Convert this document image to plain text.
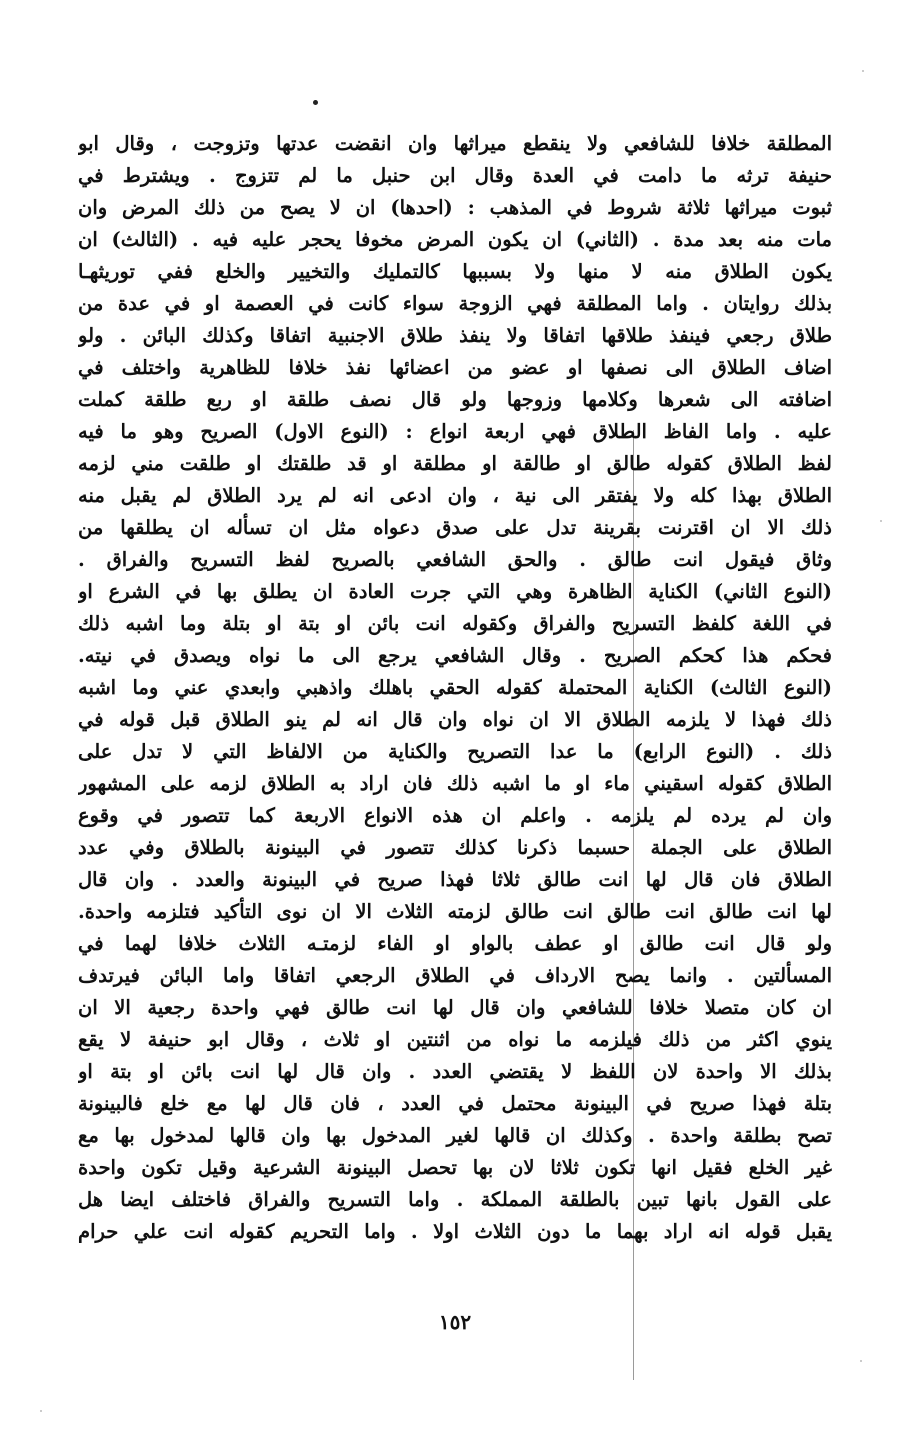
المطلقة خلافا للشافعي ولا ينقطع ميراثها وان انقضت عدتها وتزوجت ، وقال ابو
حنيفة ترثه ما دامت في العدة وقال ابن حنبل ما لم تتزوج . ويشترط في
ثبوت ميراثها ثلاثة شروط في المذهب : (احدها) ان لا يصح من ذلك المرض وان
مات منه بعد مدة . (الثاني) ان يكون المرض مخوفا يحجر عليه فيه . (الثالث) ان
يكون الطلاق منه لا منها ولا بسببها كالتمليك والتخيير والخلع ففي توريثهـا
بذلك روايتان . واما المطلقة فهي الزوجة سواء كانت في العصمة او في عدة من
طلاق رجعي فينفذ طلاقها اتفاقا ولا ينفذ طلاق الاجنبية اتفاقا وكذلك البائن . ولو
اضاف الطلاق الى نصفها او عضو من اعضائها نفذ خلافا للظاهرية واختلف في
اضافته الى شعرها وكلامها وزوجها ولو قال نصف طلقة او ربع طلقة كملت
عليه . واما الفاظ الطلاق فهي اربعة انواع : (النوع الاول) الصريح وهو ما فيه
لفظ الطلاق كقوله طالق او طالقة او مطلقة او قد طلقتك او طلقت مني لزمه
الطلاق بهذا كله ولا يفتقر الى نية ، وان ادعى انه لم يرد الطلاق لم يقبل منه
ذلك الا ان اقترنت بقرينة تدل على صدق دعواه مثل ان تسأله ان يطلقها من
وثاق فيقول انت طالق . والحق الشافعي بالصريح لفظ التسريح والفراق .
(النوع الثاني) الكناية الظاهرة وهي التي جرت العادة ان يطلق بها في الشرع او
في اللغة كلفظ التسريح والفراق وكقوله انت بائن او بتة او بتلة وما اشبه ذلك
فحكم هذا كحكم الصريح . وقال الشافعي يرجع الى ما نواه ويصدق في نيته.
(النوع الثالث) الكناية المحتملة كقوله الحقي باهلك واذهبي وابعدي عني وما اشبه
ذلك فهذا لا يلزمه الطلاق الا ان نواه وان قال انه لم ينو الطلاق قبل قوله في
ذلك . (النوع الرابع) ما عدا التصريح والكناية من الالفاظ التي لا تدل على
الطلاق كقوله اسقيني ماء او ما اشبه ذلك فان اراد به الطلاق لزمه على المشهور
وان لم يرده لم يلزمه . واعلم ان هذه الانواع الاربعة كما تتصور في وقوع
الطلاق على الجملة حسبما ذكرنا كذلك تتصور في البينونة بالطلاق وفي عدد
الطلاق فان قال لها انت طالق ثلاثا فهذا صريح في البينونة والعدد . وان قال
لها انت طالق انت طالق انت طالق لزمته الثلاث الا ان نوى التأكيد فتلزمه واحدة.
ولو قال انت طالق او عطف بالواو او الفاء لزمتـه الثلاث خلافا لهما في
المسألتين . وانما يصح الارداف في الطلاق الرجعي اتفاقا واما البائن فيرتدف
ان كان متصلا خلافا للشافعي وان قال لها انت طالق فهي واحدة رجعية الا ان
ينوي اكثر من ذلك فيلزمه ما نواه من اثنتين او ثلاث ، وقال ابو حنيفة لا يقع
بذلك الا واحدة لان اللفظ لا يقتضي العدد . وان قال لها انت بائن او بتة او
بتلة فهذا صريح في البينونة محتمل في العدد ، فان قال لها مع خلع فالبينونة
تصح بطلقة واحدة . وكذلك ان قالها لغير المدخول بها وان قالها لمدخول بها مع
غير الخلع فقيل انها تكون ثلاثا لان بها تحصل البينونة الشرعية وقيل تكون واحدة
على القول بانها تبين بالطلقة المملكة . واما التسريح والفراق فاختلف ايضا هل
يقبل قوله انه اراد بهما ما دون الثلاث اولا . واما التحريم كقوله انت علي حرام
١٥٢
